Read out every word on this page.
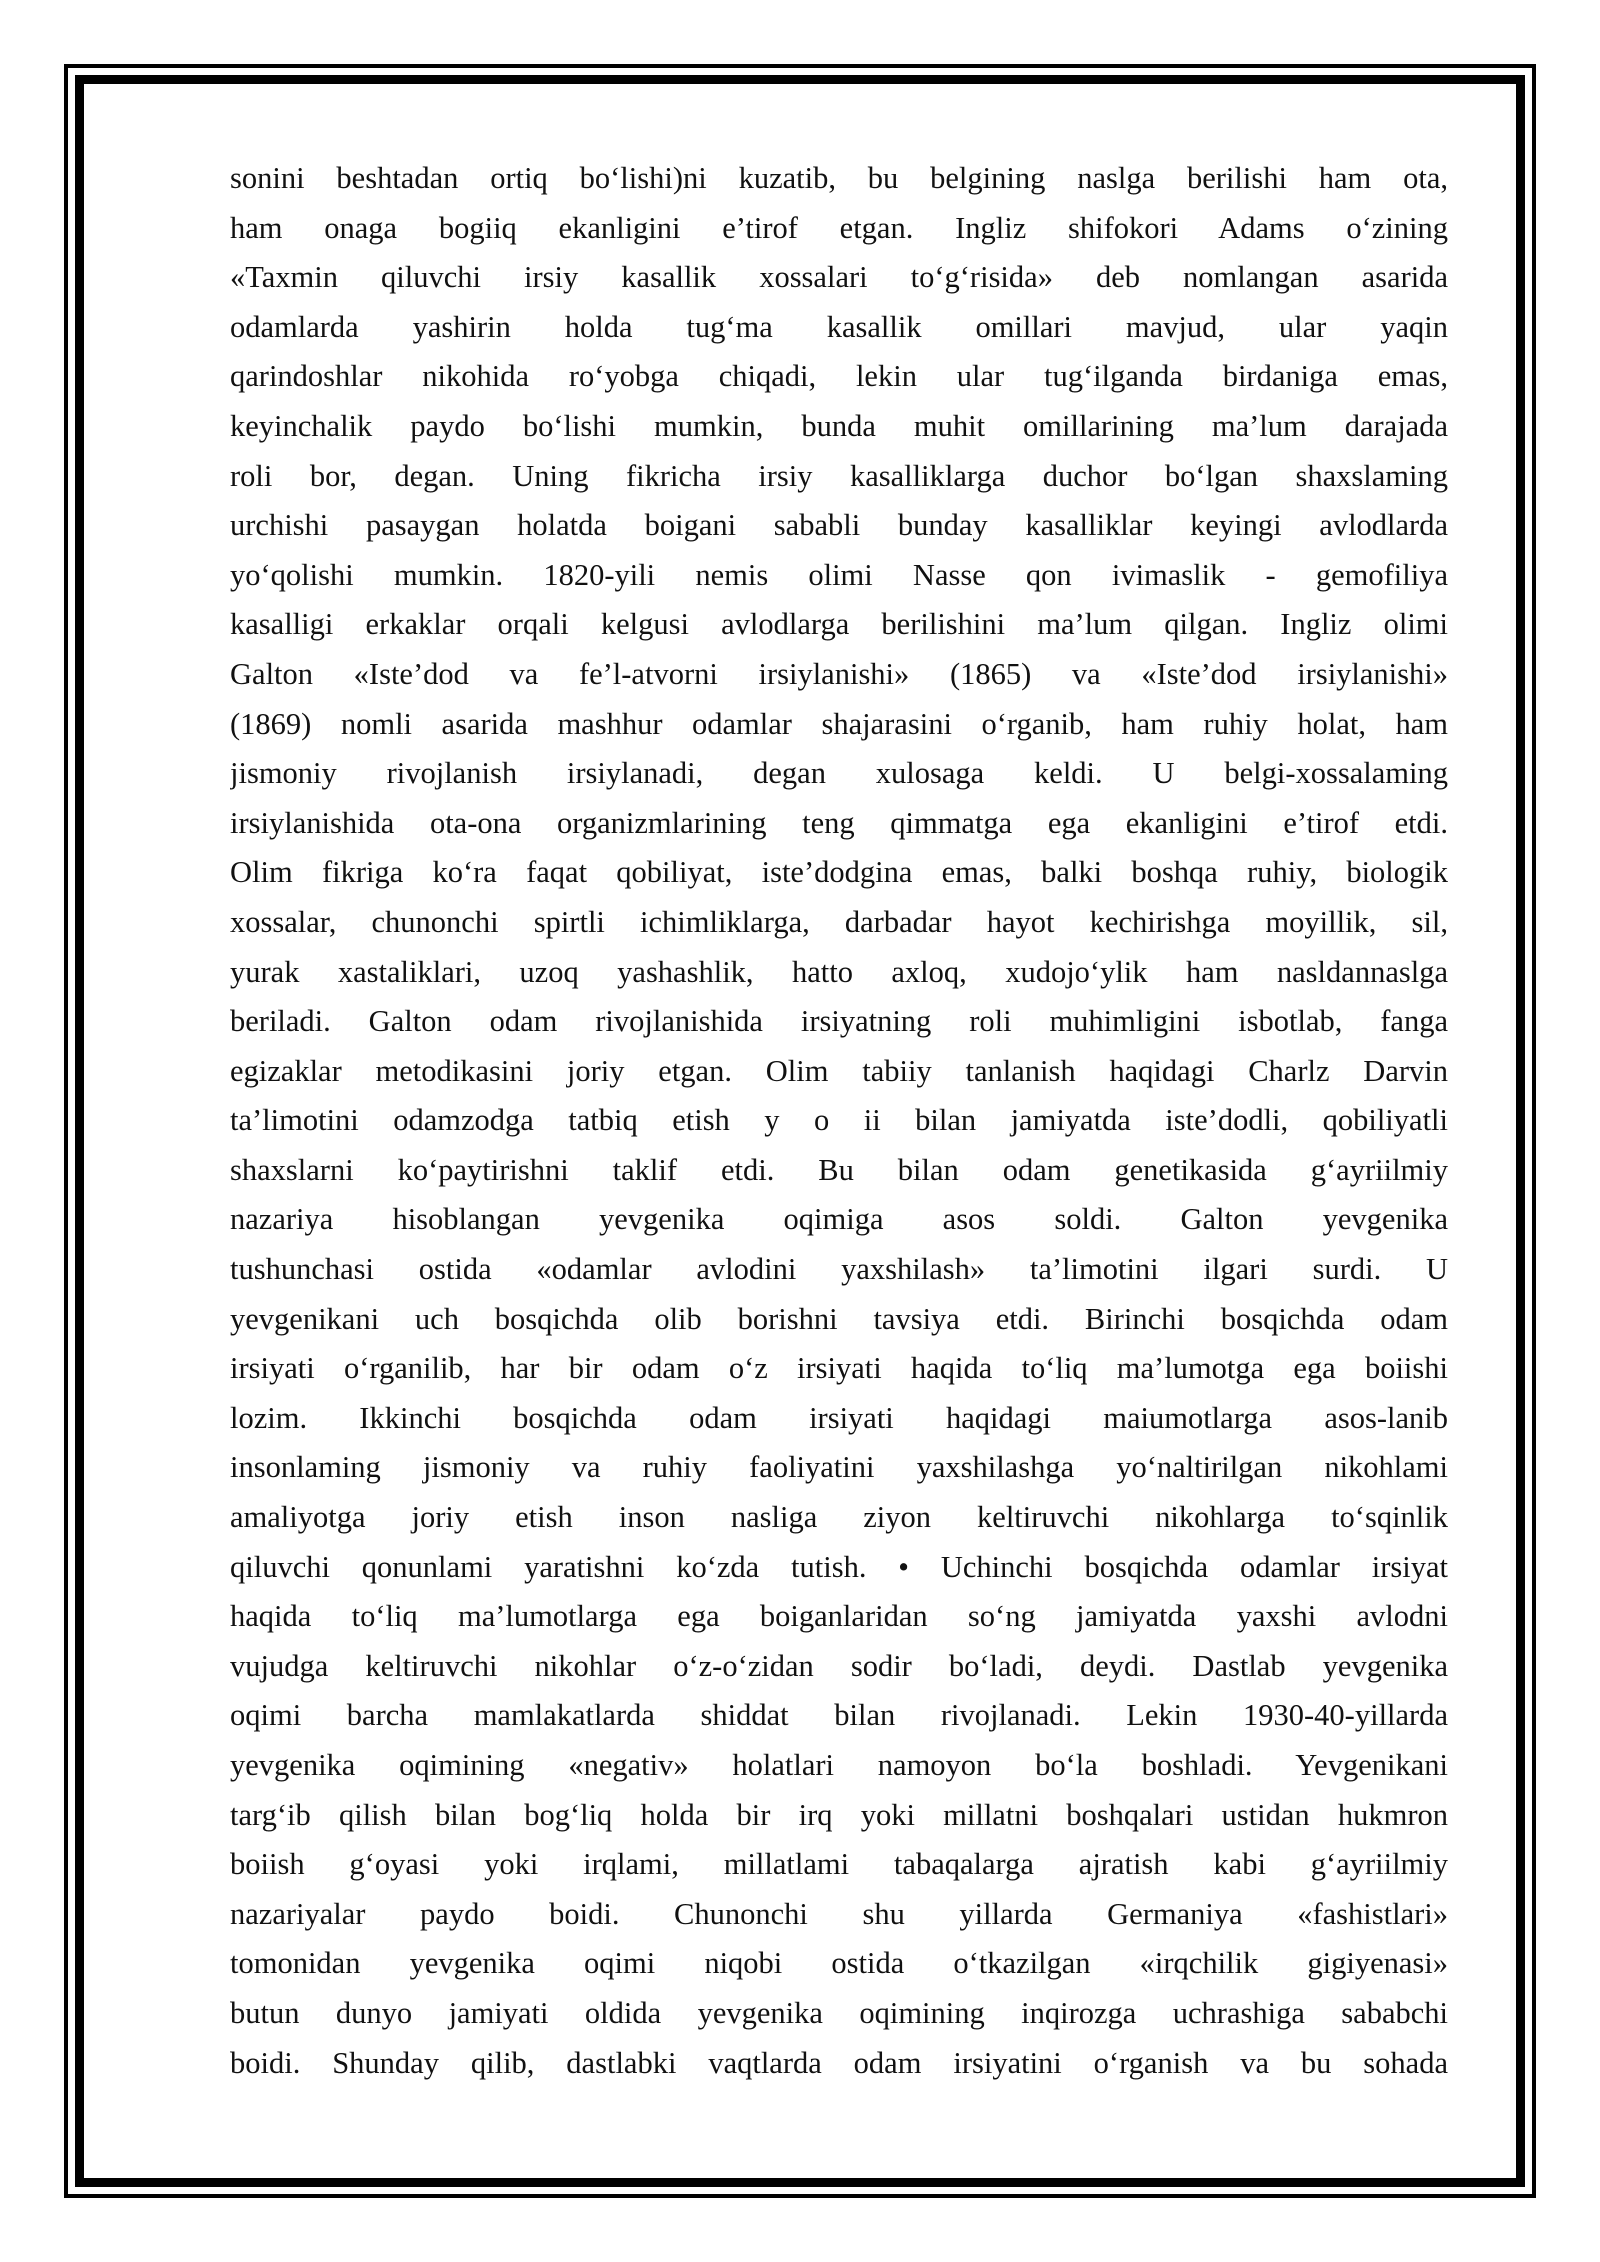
sonini beshtadan ortiq boʻlishi)ni kuzatib, bu belgining naslga berilishi ham ota,
ham onaga bogiiq ekanligini e’tirof etgan. Ingliz shifokori Adams oʻzining
«Taxmin qiluvchi irsiy kasallik xossalari toʻgʻrisida» deb nomlangan asarida
odamlarda yashirin holda tugʻma kasallik omillari mavjud, ular yaqin
qarindoshlar nikohida roʻyobga chiqadi, lekin ular tugʻilganda birdaniga emas,
keyinchalik paydo boʻlishi mumkin, bunda muhit omillarining ma’lum darajada
roli bor, degan. Uning fikricha irsiy kasalliklarga duchor boʻlgan shaxslaming
urchishi pasaygan holatda boigani sababli bunday kasalliklar keyingi avlodlarda
yoʻqolishi mumkin. 1820-yili nemis olimi Nasse qon ivimaslik - gemofiliya
kasalligi erkaklar orqali kelgusi avlodlarga berilishini ma’lum qilgan. Ingliz olimi
Galton «Iste’dod va fe’l-atvorni irsiylanishi» (1865) va «Iste’dod irsiylanishi»
(1869) nomli asarida mashhur odamlar shajarasini oʻrganib, ham ruhiy holat, ham
jismoniy rivojlanish irsiylanadi, degan xulosaga keldi. U belgi-xossalaming
irsiylanishida ota-ona organizmlarining teng qimmatga ega ekanligini e’tirof etdi.
Olim fikriga koʻra faqat qobiliyat, iste’dodgina emas, balki boshqa ruhiy, biologik
xossalar, chunonchi spirtli ichimliklarga, darbadar hayot kechirishga moyillik, sil,
yurak xastaliklari, uzoq yashashlik, hatto axloq, xudojoʻylik ham nasldannaslga
beriladi. Galton odam rivojlanishida irsiyatning roli muhimligini isbotlab, fanga
egizaklar metodikasini joriy etgan. Olim tabiiy tanlanish haqidagi Charlz Darvin
ta’limotini odamzodga tatbiq etish y o ii bilan jamiyatda iste’dodli, qobiliyatli
shaxslarni koʻpaytirishni taklif etdi. Bu bilan odam genetikasida gʻayriilmiy
nazariya hisoblangan yevgenika oqimiga asos soldi. Galton yevgenika
tushunchasi ostida «odamlar avlodini yaxshilash» ta’limotini ilgari surdi. U
yevgenikani uch bosqichda olib borishni tavsiya etdi. Birinchi bosqichda odam
irsiyati oʻrganilib, har bir odam oʻz irsiyati haqida toʻliq ma’lumotga ega boiishi
lozim. Ikkinchi bosqichda odam irsiyati haqidagi maiumotlarga asos-lanib
insonlaming jismoniy va ruhiy faoliyatini yaxshilashga yoʻnaltirilgan nikohlami
amaliyotga joriy etish inson nasliga ziyon keltiruvchi nikohlarga toʻsqinlik
qiluvchi qonunlami yaratishni koʻzda tutish. • Uchinchi bosqichda odamlar irsiyat
haqida toʻliq ma’lumotlarga ega boiganlaridan soʻng jamiyatda yaxshi avlodni
vujudga keltiruvchi nikohlar oʻz-oʻzidan sodir boʻladi, deydi. Dastlab yevgenika
oqimi barcha mamlakatlarda shiddat bilan rivojlanadi. Lekin 1930-40-yillarda
yevgenika oqimining «negativ» holatlari namoyon boʻla boshladi. Yevgenikani
targʻib qilish bilan bogʻliq holda bir irq yoki millatni boshqalari ustidan hukmron
boiish gʻoyasi yoki irqlami, millatlami tabaqalarga ajratish kabi gʻayriilmiy
nazariyalar paydo boidi. Chunonchi shu yillarda Germaniya «fashistlari»
tomonidan yevgenika oqimi niqobi ostida oʻtkazilgan «irqchilik gigiyenasi»
butun dunyo jamiyati oldida yevgenika oqimining inqirozga uchrashiga sababchi
boidi. Shunday qilib, dastlabki vaqtlarda odam irsiyatini oʻrganish va bu sohada
